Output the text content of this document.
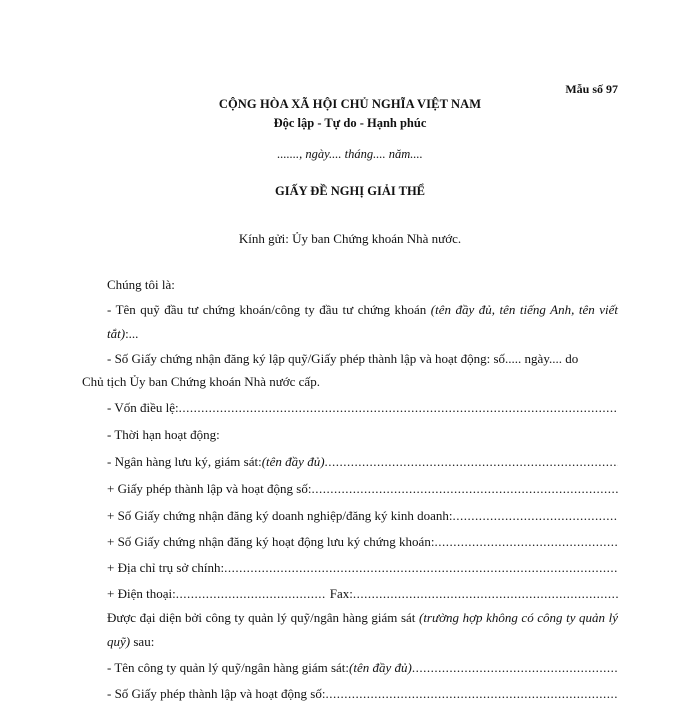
Mẫu số 97
CỘNG HÒA XÃ HỘI CHỦ NGHĨA VIỆT NAM
Độc lập - Tự do - Hạnh phúc
......., ngày.... tháng.... năm....
GIẤY ĐỀ NGHỊ GIẢI THỂ
Kính gửi: Ủy ban Chứng khoán Nhà nước.
Chúng tôi là:
- Tên quỹ đầu tư chứng khoán/công ty đầu tư chứng khoán (tên đầy đủ, tên tiếng Anh, tên viết tắt):...
- Số Giấy chứng nhận đăng ký lập quỹ/Giấy phép thành lập và hoạt động: số..... ngày.... do
Chủ tịch Ủy ban Chứng khoán Nhà nước cấp.
- Vốn điều lệ:
.....
- Thời hạn hoạt động:
- Ngân hàng lưu ký, giám sát: (tên đầy đủ)
.....
+ Giấy phép thành lập và hoạt động số:
.....
+ Số Giấy chứng nhận đăng ký doanh nghiệp/đăng ký kinh doanh:
.....
+ Số Giấy chứng nhận đăng ký hoạt động lưu ký chứng khoán:
.....
+ Địa chỉ trụ sở chính:
.....
+ Điện thoại:
.....	Fax:
.....
Được đại diện bởi công ty quản lý quỹ/ngân hàng giám sát (trường hợp không có công ty quản lý quỹ) sau:
- Tên công ty quản lý quỹ/ngân hàng giám sát: (tên đầy đủ)
.....
- Số Giấy phép thành lập và hoạt động số:
.....
